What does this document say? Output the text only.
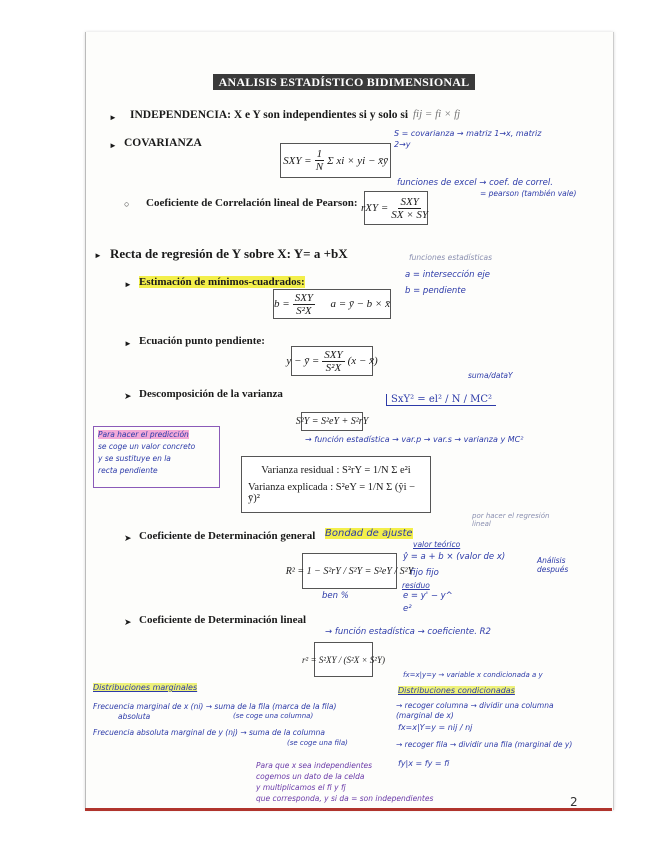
ANALISIS ESTADÍSTICO BIDIMENSIONAL
► INDEPENDENCIA: X e Y son independientes si y solo si fij = fi × fj
► COVARIANZA
SXY = $\frac{1}{N}$ Σ xi × yi − x̄ȳ
S = covarianza → matriz 1→x, matriz 2→y
○ Coeficiente de Correlación lineal de Pearson: rXY = $\frac{\text{SXY}}{SX \times SY}$
funciones de excel → coef. de correl.
= pearson (también vale)
► Recta de regresión de Y sobre X: Y= a +bX	funciones estadísticas
a = intersección eje
b = pendiente
► Estimación de mínimos-cuadrados:
$b = \frac{\text{SXY}}{\text{S²X}}$ a = ȳ − b × x̄
► Ecuación punto pendiente:
y − ȳ = $\frac{\text{SXY}}{\text{S²X}} (x$ − x̄)
➤ Descomposición de la varianza
suma/dataY
SxY² = el² / N / MC²
S²Y = S²eY + S²rY
→ función estadística → var.p → var.s → varianza y MC²
Para hacer el predicción
se coge un valor concreto
y se sustituye en la
recta pendiente	Varianza residual : S²rY = 1/N Σ e²i
Varianza explicada : S²eY = 1/N Σ (ŷi − ȳ)²
➤ Coeficiente de Determinación general Bondad de ajuste
por hacer el regresión lineal
valor teórico
ŷ = a + b × (valor de x)	Análisis después
fijo fijo
residuo
e = y' − y^
e²
R² = 1 − S²rY / S²Y = S²eY / S²Y
ben %
➤ Coeficiente de Determinación lineal
→ función estadística → coeficiente. R2
r² = S²XY / (S²X × S²Y)
Distribuciones marginales
Frecuencia marginal de x (ni) → suma de la fila (marca de la fila)
absoluta	(se coge una columna)
Frecuencia absoluta marginal de y (nj) → suma de la columna
(se coge una fila)
fx=x|y=y → variable x condicionada a y
Distribuciones condicionadas
→ recoger columna → dividir una columna (marginal de x)
fx=x|Y=y = nij / nj
→ recoger fila → dividir una fila (marginal de y)
fy|x = fy = fi
Para que x sea independientes
cogemos un dato de la celda
y multiplicamos el fi y fj
que corresponda, y si da = son independientes	2
